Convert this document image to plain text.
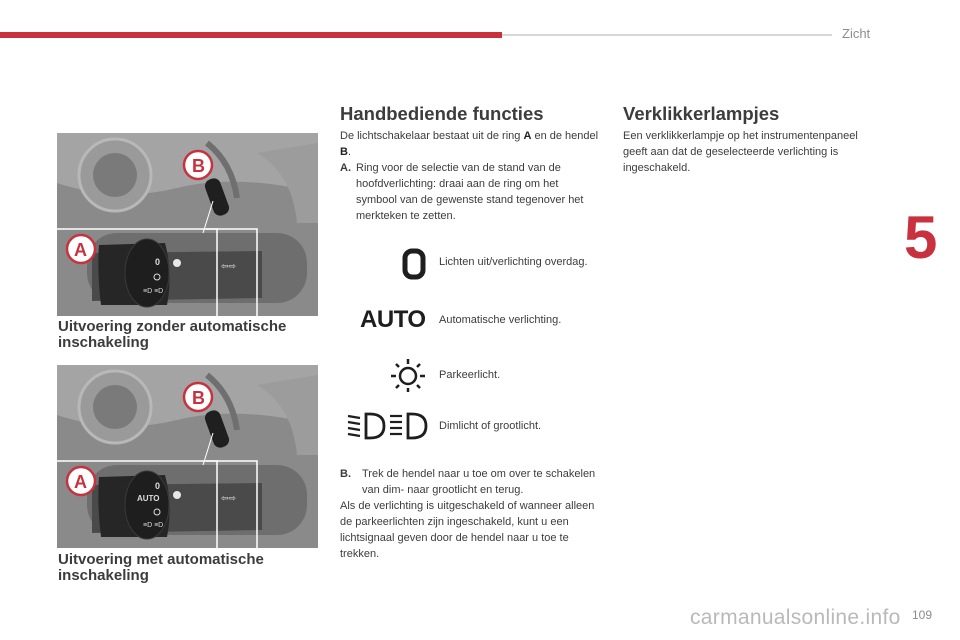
Zicht
5
0
≡D ≡D
⇦⇨
B
A
Uitvoering zonder automatische
inschakeling
0
AUTO
≡D ≡D
⇦⇨
B
A
Uitvoering met automatische
inschakeling
Handbediende functies
De lichtschakelaar bestaat uit de ring A en de hendel B.
A. Ring voor de selectie van de stand van de hoofdverlichting: draai aan de ring om het symbool van de gewenste stand tegenover het merkteken te zetten.
Lichten uit/verlichting overdag.
AUTO Automatische verlichting.
Parkeerlicht.
Dimlicht of grootlicht.
B. Trek de hendel naar u toe om over te schakelen van dim- naar grootlicht en terug.
Als de verlichting is uitgeschakeld of wanneer alleen de parkeerlichten zijn ingeschakeld, kunt u een lichtsignaal geven door de hendel naar u toe te trekken.
Verklikkerlampjes
Een verklikkerlampje op het instrumentenpaneel geeft aan dat de geselecteerde verlichting is ingeschakeld.
carmanualsonline.info 109
